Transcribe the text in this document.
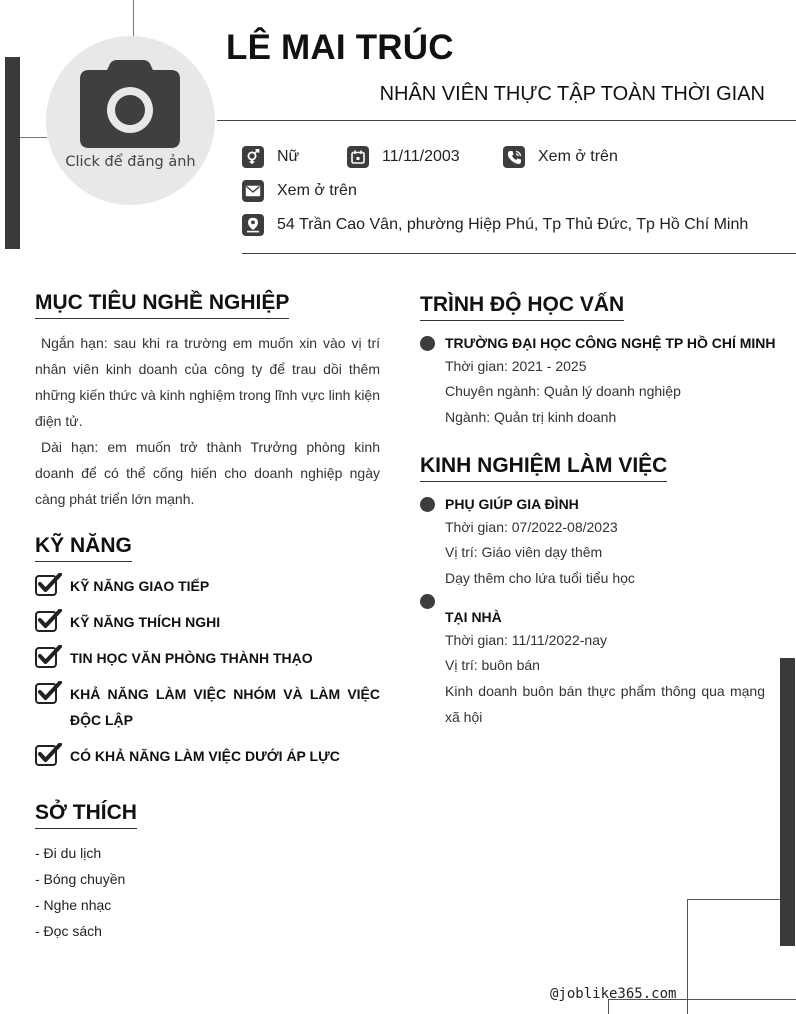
Click để đăng ảnh
LÊ MAI TRÚC
NHÂN VIÊN THỰC TẬP TOÀN THỜI GIAN
Nữ	11/11/2003	Xem ở trên
Xem ở trên
54 Trần Cao Vân, phường Hiệp Phú, Tp Thủ Đức, Tp Hồ Chí Minh
MỤC TIÊU NGHỀ NGHIỆP

Ngắn hạn: sau khi ra trường em muốn xin vào vị trí nhân viên kinh doanh của công ty để trau dồi thêm những kiến thức và kinh nghiệm trong lĩnh vực linh kiện điện tử.

Dài hạn: em muốn trở thành Trưởng phòng kinh doanh để có thể cống hiến cho doanh nghiệp ngày càng phát triển lớn mạnh.

KỸ NĂNG
KỸ NĂNG GIAO TIẾP
KỸ NĂNG THÍCH NGHI
TIN HỌC VĂN PHÒNG THÀNH THẠO
KHẢ NĂNG LÀM VIỆC NHÓM VÀ LÀM VIỆC ĐỘC LẬP
CÓ KHẢ NĂNG LÀM VIỆC DƯỚI ÁP LỰC
SỞ THÍCH
- Đi du lịch
- Bóng chuyền
- Nghe nhạc
- Đọc sách
TRÌNH ĐỘ HỌC VẤN
TRƯỜNG ĐẠI HỌC CÔNG NGHỆ TP HỒ CHÍ MINH
Thời gian: 2021 - 2025
Chuyên ngành: Quản lý doanh nghiệp
Ngành: Quản trị kinh doanh
KINH NGHIỆM LÀM VIỆC
PHỤ GIÚP GIA ĐÌNH
Thời gian: 07/2022-08/2023
Vị trí: Giáo viên dạy thêm
Dạy thêm cho lứa tuổi tiểu học
TẠI NHÀ
Thời gian: 11/11/2022-nay
Vị trí: buôn bán
Kinh doanh buôn bán thực phẩm thông qua mạng xã hội
@joblike365.com
